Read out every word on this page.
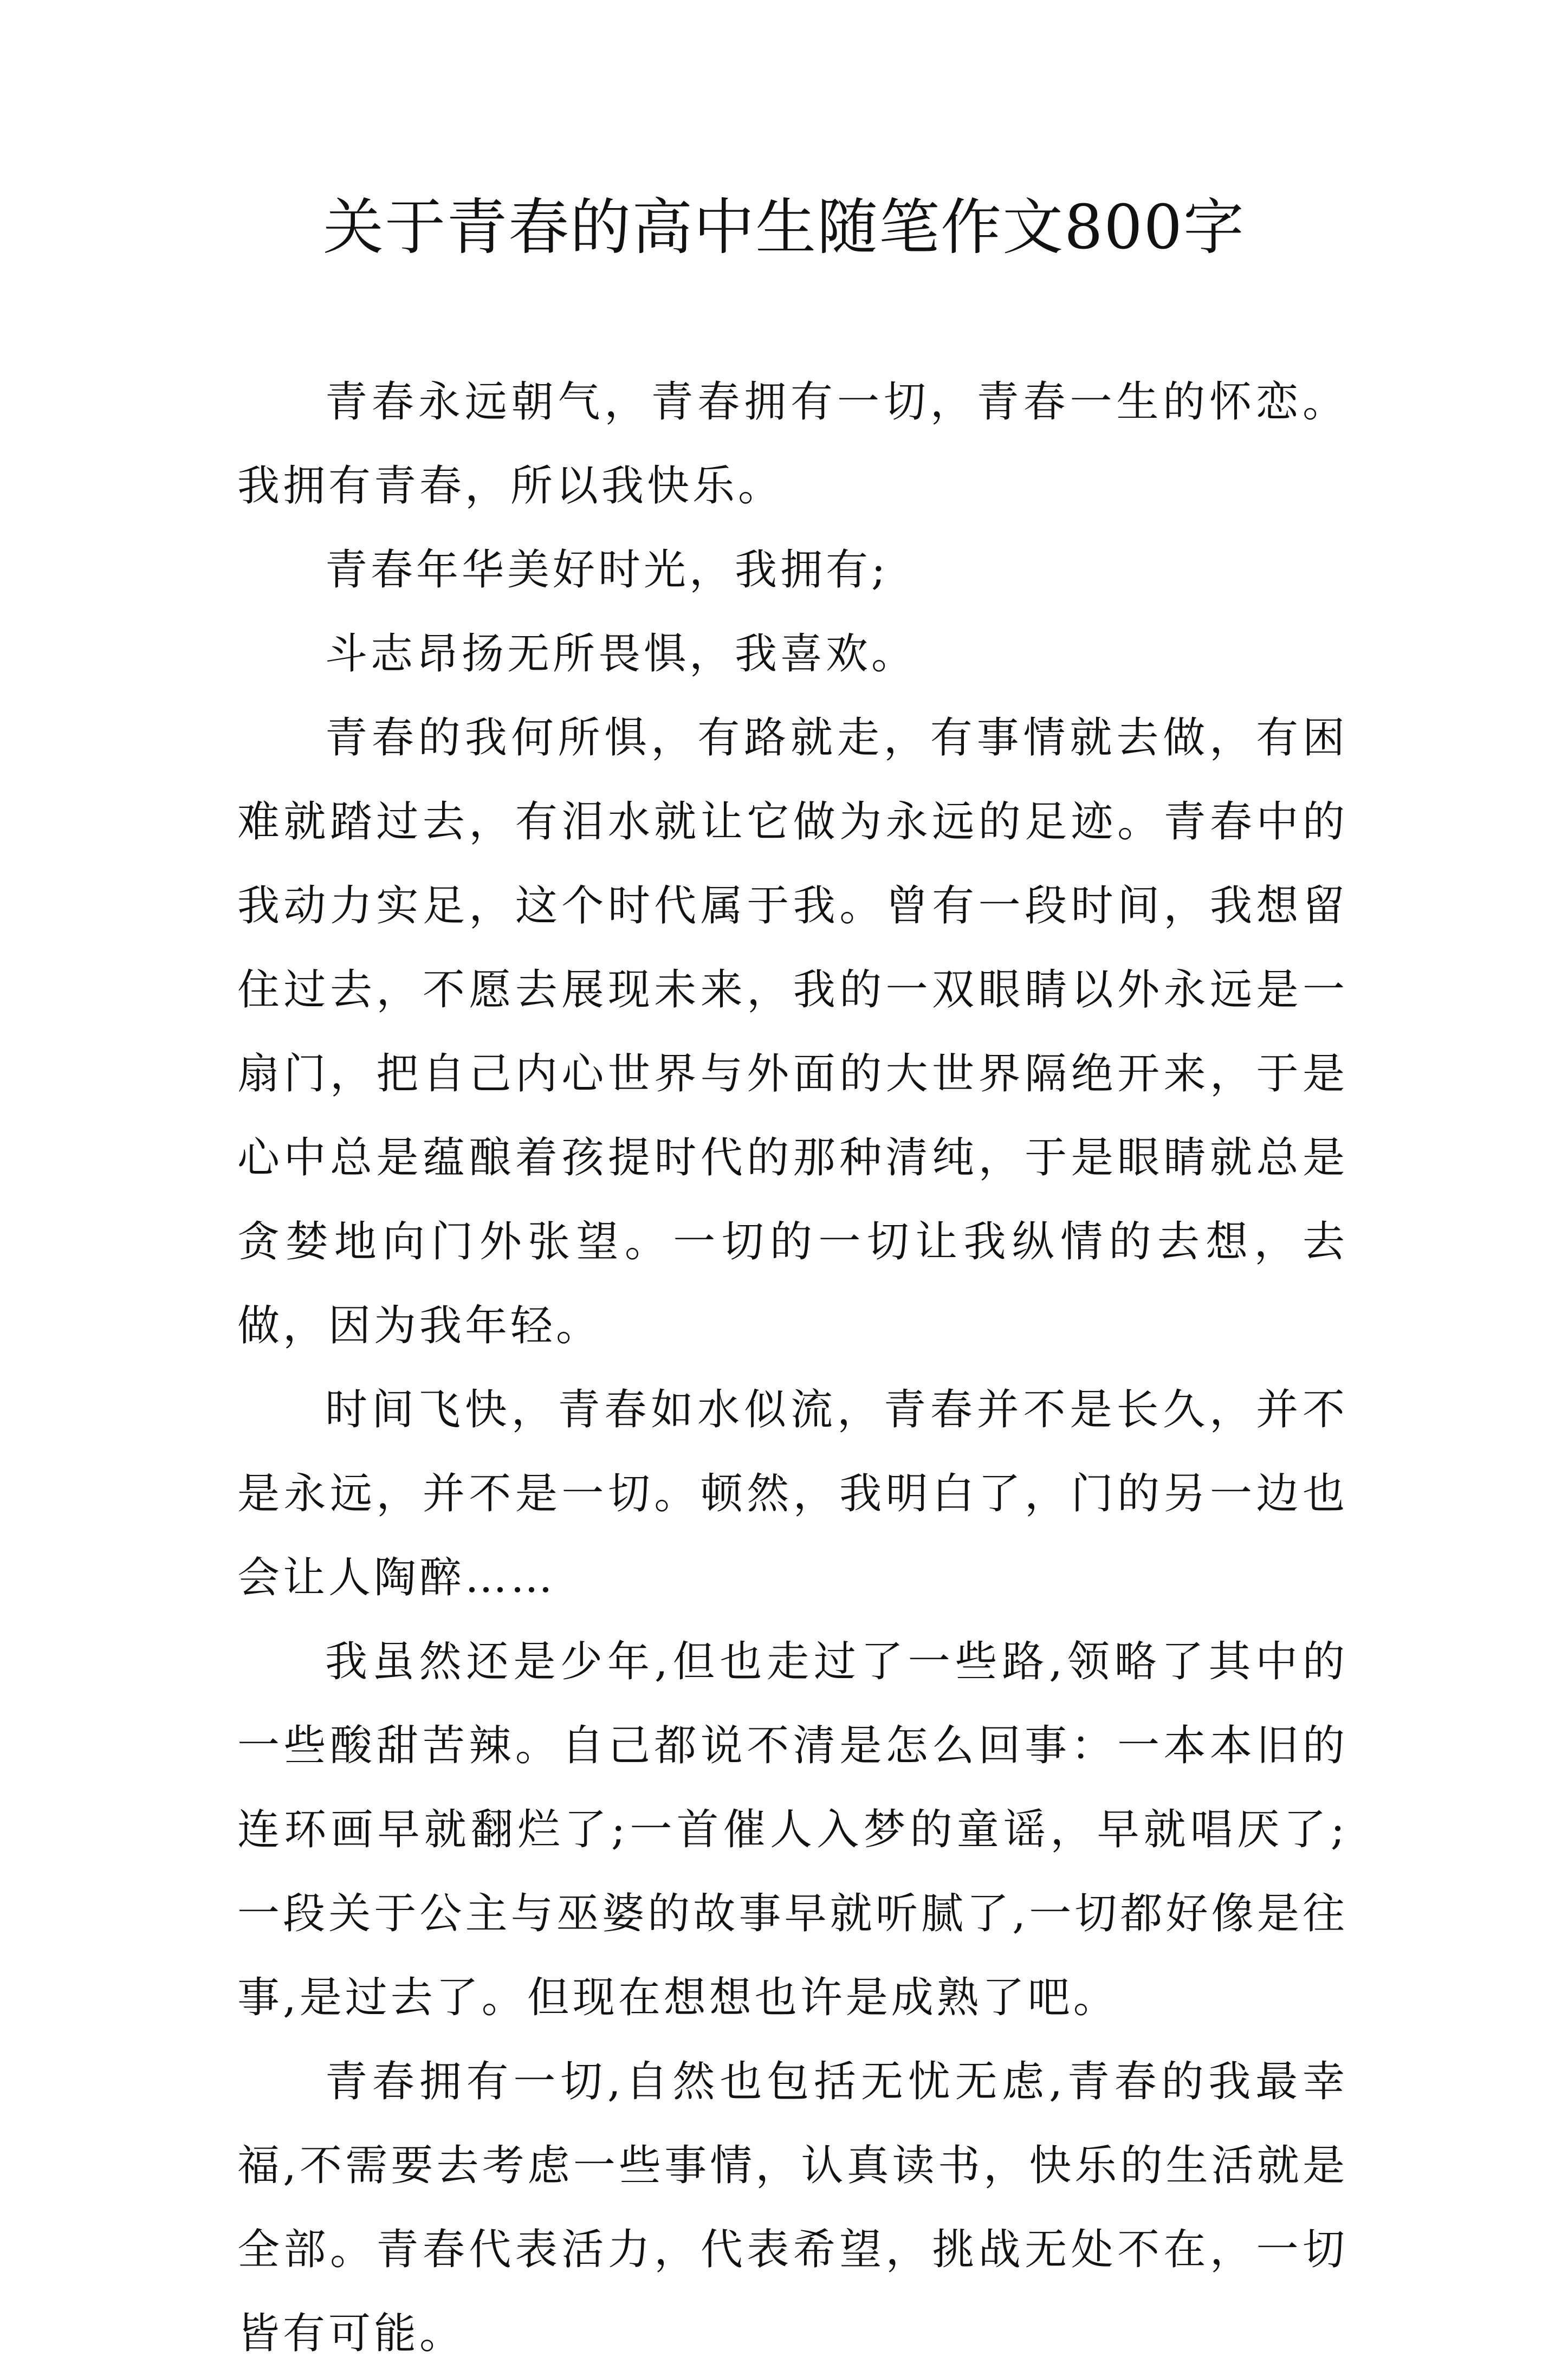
关于青春的高中生随笔作文800字

青春永远朝气，青春拥有一切，青春一生的怀恋。我拥有青春，所以我快乐。

青春年华美好时光，我拥有;

斗志昂扬无所畏惧，我喜欢。

青春的我何所惧，有路就走，有事情就去做，有困难就踏过去，有泪水就让它做为永远的足迹。青春中的我动力实足，这个时代属于我。曾有一段时间，我想留住过去，不愿去展现未来，我的一双眼睛以外永远是一扇门，把自己内心世界与外面的大世界隔绝开来，于是心中总是蕴酿着孩提时代的那种清纯，于是眼睛就总是贪婪地向门外张望。一切的一切让我纵情的去想，去做，因为我年轻。

时间飞快，青春如水似流，青春并不是长久，并不是永远，并不是一切。顿然，我明白了，门的另一边也会让人陶醉……

我虽然还是少年,但也走过了一些路,领略了其中的一些酸甜苦辣。自己都说不清是怎么回事：一本本旧的连环画早就翻烂了;一首催人入梦的童谣，早就唱厌了;一段关于公主与巫婆的故事早就听腻了,一切都好像是往事,是过去了。但现在想想也许是成熟了吧。

青春拥有一切,自然也包括无忧无虑,青春的我最幸福,不需要去考虑一些事情，认真读书，快乐的生活就是全部。青春代表活力，代表希望，挑战无处不在，一切皆有可能。
